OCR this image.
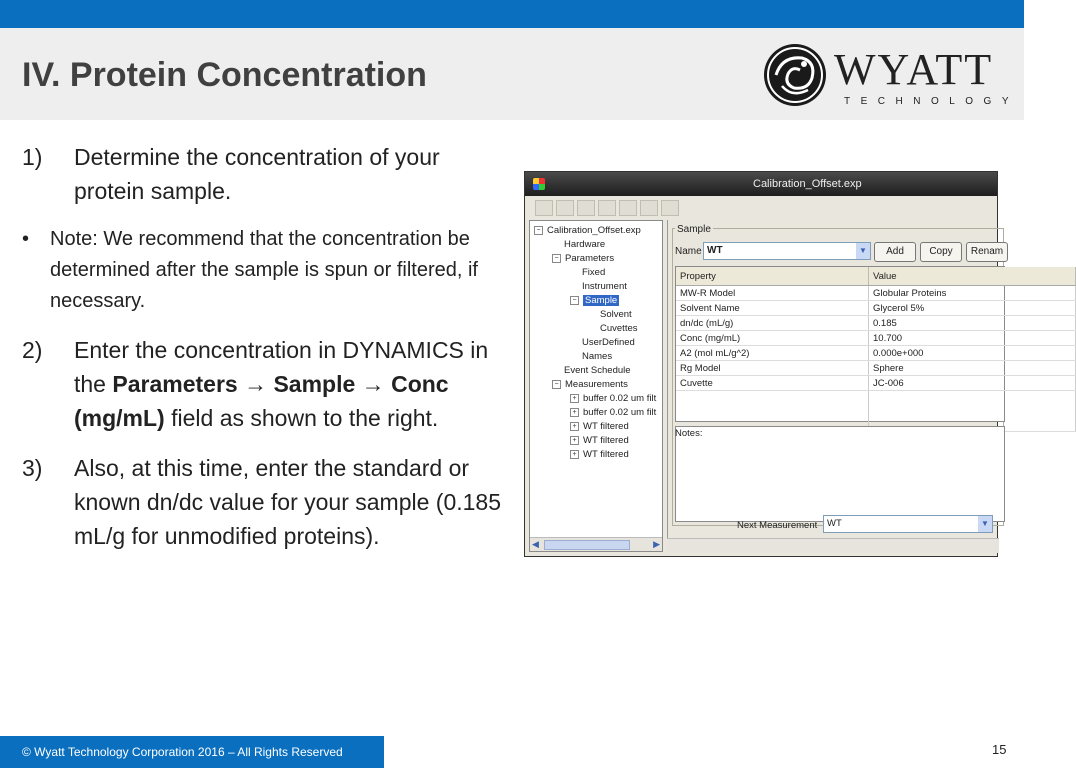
IV. Protein Concentration	WYATT
TECHNOLOGY
1) Determine the concentration of your protein sample.
• Note: We recommend that the concentration be determined after the sample is spun or filtered, if necessary.
2) Enter the concentration in DYNAMICS in the Parameters → Sample → Conc (mg/mL) field as shown to the right.
3) Also, at this time, enter the standard or known dn/dc value for your sample (0.185 mL/g for unmodified proteins).
Calibration_Offset.exp
− Calibration_Offset.exp
Hardware
− Parameters
Fixed
Instrument
− Sample
Solvent
Cuvettes
UserDefined
Names
Event Schedule
− Measurements
+ buffer 0.02 um filt
+ buffer 0.02 um filt
+ WT filtered
+ WT filtered
+ WT filtered
◀	▶
Sample
Name WT	▼	Add	Copy	Renam
Property	Value
MW-R Model	Globular Proteins
Solvent Name	Glycerol 5%
dn/dc (mL/g)	0.185
Conc (mg/mL)	10.700
A2 (mol mL/g^2)	0.000e+000
Rg Model	Sphere
Cuvette	JC-006

Notes:
Next Measurement	WT	▼
© Wyatt Technology Corporation 2016 – All Rights Reserved	15
